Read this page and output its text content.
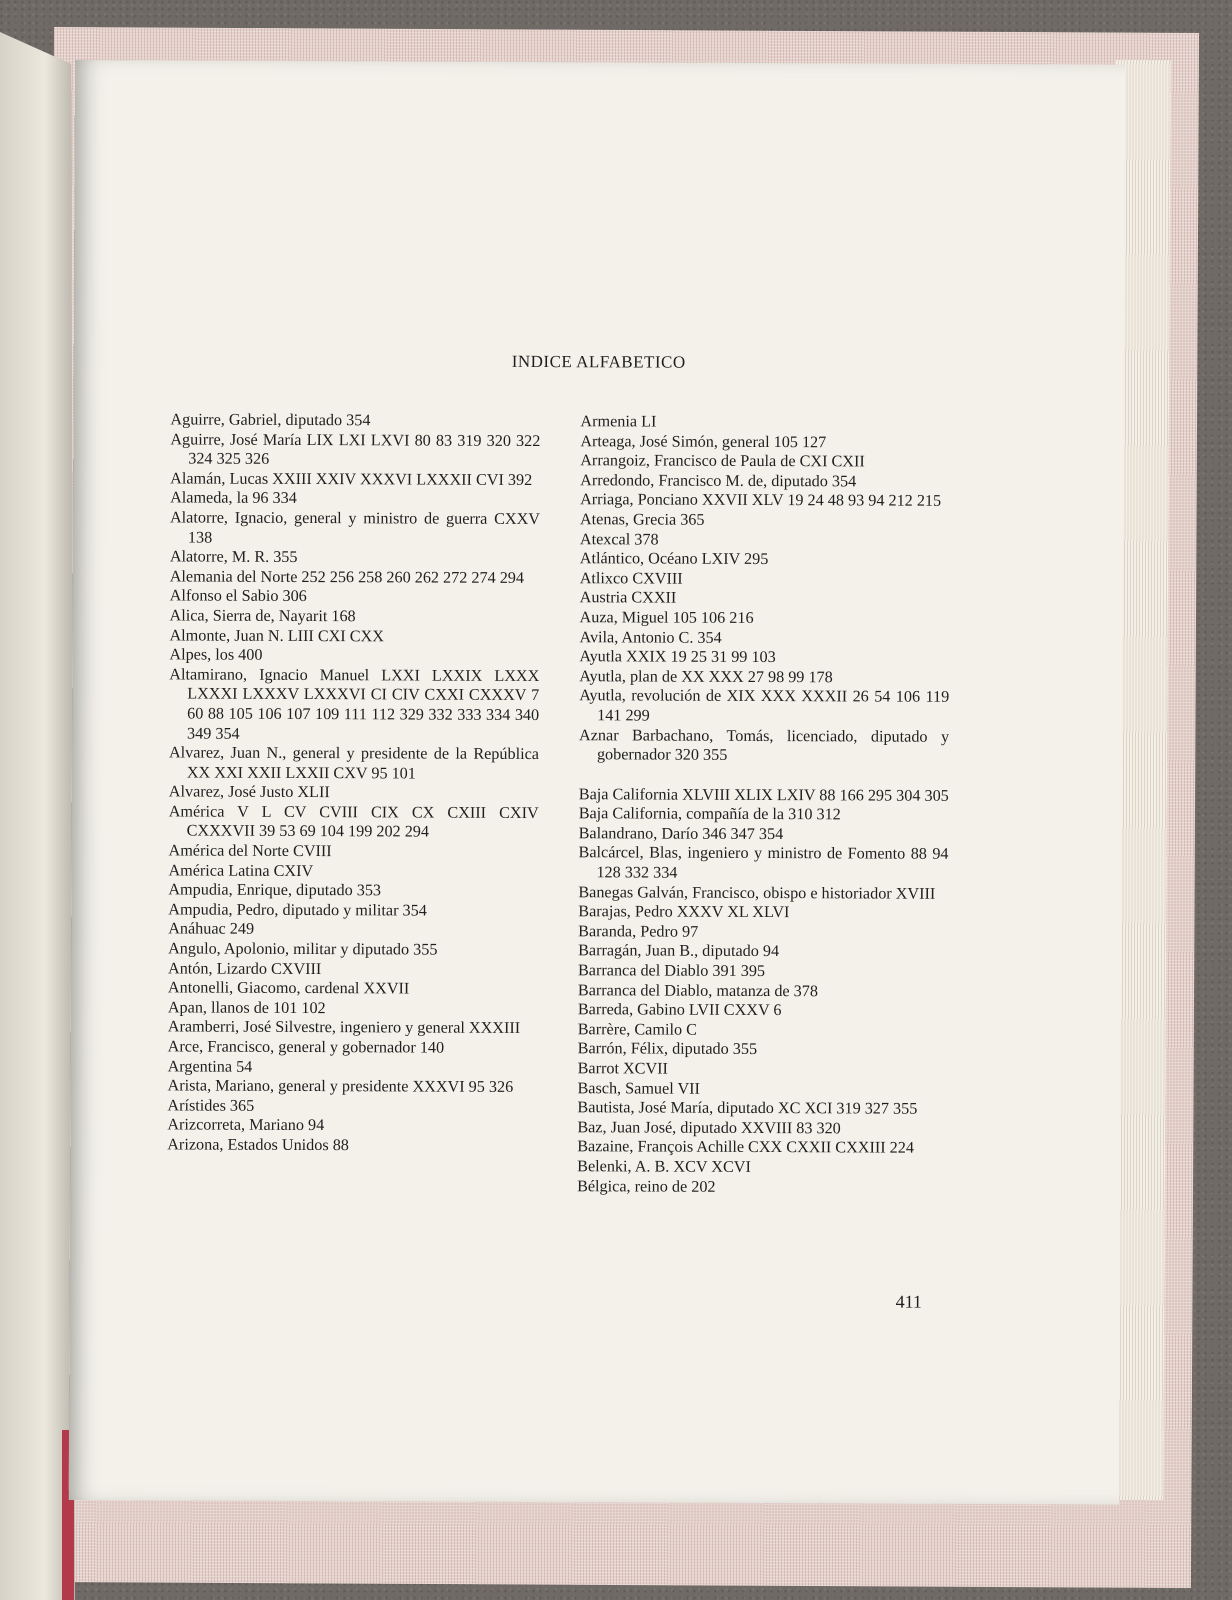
INDICE ALFABETICO

Aguirre, Gabriel, diputado 354

Aguirre, José María LIX LXI LXVI 80 83 319 320 322 324 325 326

Alamán, Lucas XXIII XXIV XXXVI LXXXII CVI 392

Alameda, la 96 334

Alatorre, Ignacio, general y ministro de guerra CXXV 138

Alatorre, M. R. 355

Alemania del Norte 252 256 258 260 262 272 274 294

Alfonso el Sabio 306

Alica, Sierra de, Nayarit 168

Almonte, Juan N. LIII CXI CXX

Alpes, los 400

Altamirano, Ignacio Manuel LXXI LXXIX LXXX LXXXI LXXXV LXXXVI CI CIV CXXI CXXXV 7 60 88 105 106 107 109 111 112 329 332 333 334 340 349 354

Alvarez, Juan N., general y presidente de la República XX XXI XXII LXXII CXV 95 101

Alvarez, José Justo XLII

América V L CV CVIII CIX CX CXIII CXIV CXXXVII 39 53 69 104 199 202 294

América del Norte CVIII

América Latina CXIV

Ampudia, Enrique, diputado 353

Ampudia, Pedro, diputado y militar 354

Anáhuac 249

Angulo, Apolonio, militar y diputado 355

Antón, Lizardo CXVIII

Antonelli, Giacomo, cardenal XXVII

Apan, llanos de 101 102

Aramberri, José Silvestre, ingeniero y general XXXIII

Arce, Francisco, general y gobernador 140

Argentina 54

Arista, Mariano, general y presidente XXXVI 95 326

Arístides 365

Arizcorreta, Mariano 94

Arizona, Estados Unidos 88

Armenia LI

Arteaga, José Simón, general 105 127

Arrangoiz, Francisco de Paula de CXI CXII

Arredondo, Francisco M. de, diputado 354

Arriaga, Ponciano XXVII XLV 19 24 48 93 94 212 215

Atenas, Grecia 365

Atexcal 378

Atlántico, Océano LXIV 295

Atlixco CXVIII

Austria CXXII

Auza, Miguel 105 106 216

Avila, Antonio C. 354

Ayutla XXIX 19 25 31 99 103

Ayutla, plan de XX XXX 27 98 99 178

Ayutla, revolución de XIX XXX XXXII 26 54 106 119 141 299

Aznar Barbachano, Tomás, licenciado, diputado y gobernador 320 355

Baja California XLVIII XLIX LXIV 88 166 295 304 305

Baja California, compañía de la 310 312

Balandrano, Darío 346 347 354

Balcárcel, Blas, ingeniero y ministro de Fomento 88 94 128 332 334

Banegas Galván, Francisco, obispo e historiador XVIII

Barajas, Pedro XXXV XL XLVI

Baranda, Pedro 97

Barragán, Juan B., diputado 94

Barranca del Diablo 391 395

Barranca del Diablo, matanza de 378

Barreda, Gabino LVII CXXV 6

Barrère, Camilo C

Barrón, Félix, diputado 355

Barrot XCVII

Basch, Samuel VII

Bautista, José María, diputado XC XCI 319 327 355

Baz, Juan José, diputado XXVIII 83 320

Bazaine, François Achille CXX CXXII CXXIII 224

Belenki, A. B. XCV XCVI

Bélgica, reino de 202

411
